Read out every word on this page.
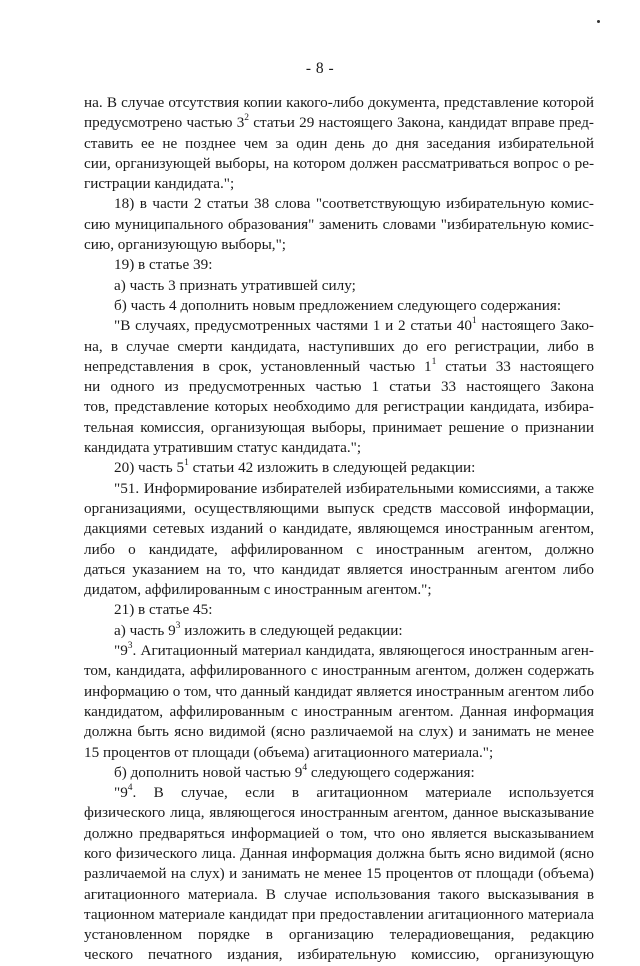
- 8 -
на. В случае отсутствия копии какого-либо документа, представление которой
предусмотрено частью $3^2$ статьи 29 настоящего Закона, кандидат вправе пред-
ставить ее не позднее чем за один день до дня заседания избирательной
сии, организующей выборы, на котором должен рассматриваться вопрос о ре-
гистрации кандидата.";
18) в части 2 статьи 38 слова "соответствующую избирательную комис-
сию муниципального образования" заменить словами "избирательную комис-
сию, организующую выборы,";
19) в статье 39:
а) часть 3 признать утратившей силу;
б) часть 4 дополнить новым предложением следующего содержания:
"В случаях, предусмотренных частями 1 и 2 статьи $40^1$ настоящего Зако-
на, в случае смерти кандидата, наступивших до его регистрации, либо в
непредставления в срок, установленный частью $1^1$ статьи 33 настоящего
ни одного из предусмотренных частью 1 статьи 33 настоящего Закона
тов, представление которых необходимо для регистрации кандидата, избира-
тельная комиссия, организующая выборы, принимает решение о признании
кандидата утратившим статус кандидата.";
20) часть $5^1$ статьи 42 изложить в следующей редакции:
"51. Информирование избирателей избирательными комиссиями, а также
организациями, осуществляющими выпуск средств массовой информации,
дакциями сетевых изданий о кандидате, являющемся иностранным агентом,
либо о кандидате, аффилированном с иностранным агентом, должно
даться указанием на то, что кандидат является иностранным агентом либо
дидатом, аффилированным с иностранным агентом.";
21) в статье 45:
а) часть $9^3$ изложить в следующей редакции:
"$9^3$. Агитационный материал кандидата, являющегося иностранным аген-
том, кандидата, аффилированного с иностранным агентом, должен содержать
информацию о том, что данный кандидат является иностранным агентом либо
кандидатом, аффилированным с иностранным агентом. Данная информация
должна быть ясно видимой (ясно различаемой на слух) и занимать не менее
15 процентов от площади (объема) агитационного материала.";
б) дополнить новой частью $9^4$ следующего содержания:
"$9^4$. В случае, если в агитационном материале используется
физического лица, являющегося иностранным агентом, данное высказывание
должно предваряться информацией о том, что оно является высказыванием
кого физического лица. Данная информация должна быть ясно видимой (ясно
различаемой на слух) и занимать не менее 15 процентов от площади (объема)
агитационного материала. В случае использования такого высказывания в
тационном материале кандидат при предоставлении агитационного материала
установленном порядке в организацию телерадиовещания, редакцию
ческого печатного издания, избирательную комиссию, организующую
